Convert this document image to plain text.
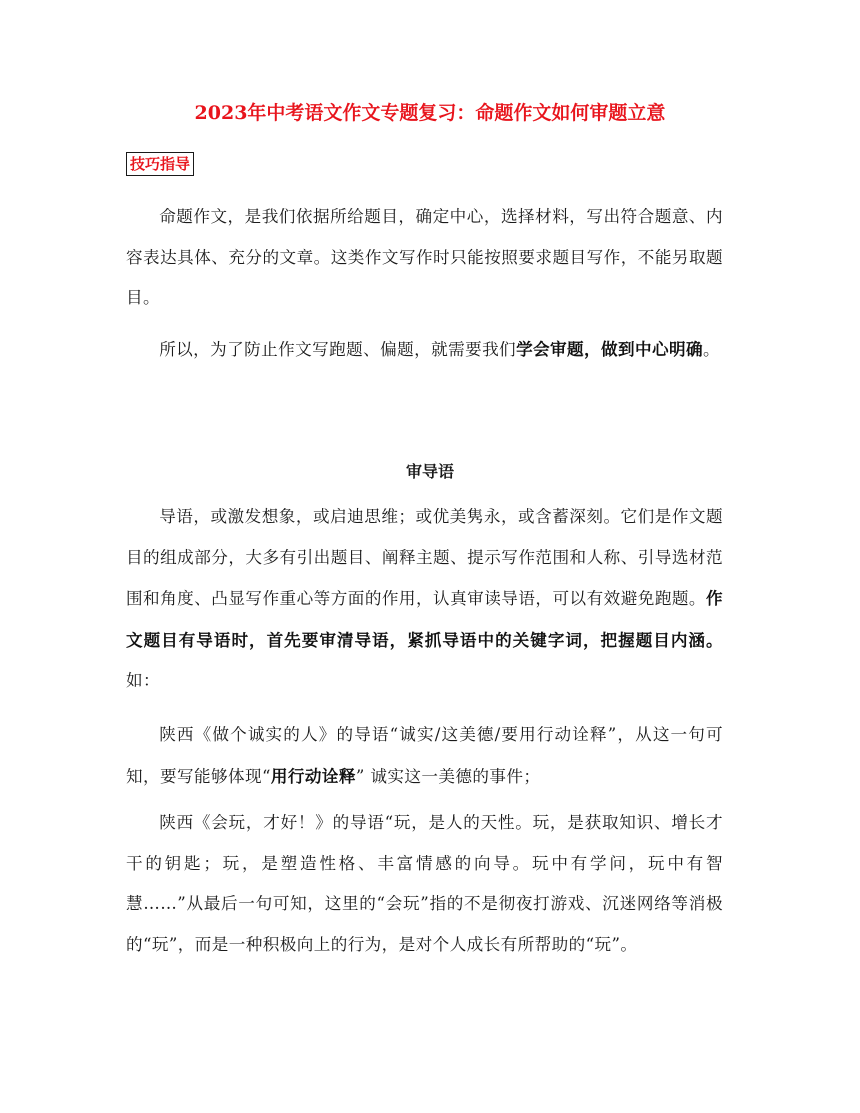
2023年中考语文作文专题复习：命题作文如何审题立意
技巧指导

命题作文，是我们依据所给题目，确定中心，选择材料，写出符合题意、内容表达具体、充分的文章。这类作文写作时只能按照要求题目写作，不能另取题目。

所以，为了防止作文写跑题、偏题，就需要我们学会审题，做到中心明确。

审导语

导语，或激发想象，或启迪思维；或优美隽永，或含蓄深刻。它们是作文题目的组成部分，大多有引出题目、阐释主题、提示写作范围和人称、引导选材范围和角度、凸显写作重心等方面的作用，认真审读导语，可以有效避免跑题。作文题目有导语时，首先要审清导语，紧抓导语中的关键字词，把握题目内涵。如：

陕西《做个诚实的人》的导语“诚实/这美德/要用行动诠释”，从这一句可知，要写能够体现“用行动诠释” 诚实这一美德的事件；

陕西《会玩，才好！》的导语“玩，是人的天性。玩，是获取知识、增长才干的钥匙；玩，是塑造性格、丰富情感的向导。玩中有学问，玩中有智慧……”从最后一句可知，这里的“会玩”指的不是彻夜打游戏、沉迷网络等消极的“玩”，而是一种积极向上的行为，是对个人成长有所帮助的“玩”。
